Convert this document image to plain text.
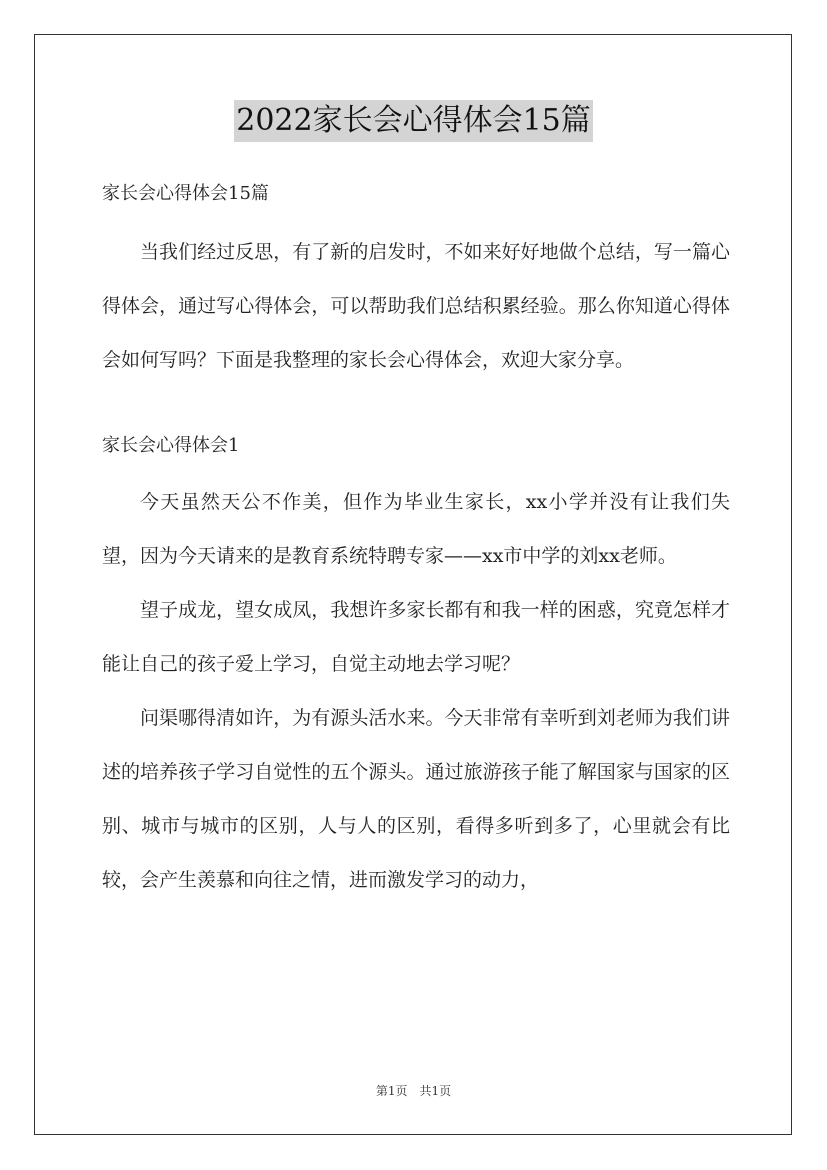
2022家长会心得体会15篇

家长会心得体会15篇

当我们经过反思，有了新的启发时，不如来好好地做个总结，写一篇心得体会，通过写心得体会，可以帮助我们总结积累经验。那么你知道心得体会如何写吗？下面是我整理的家长会心得体会，欢迎大家分享。

家长会心得体会1

今天虽然天公不作美，但作为毕业生家长，xx小学并没有让我们失望，因为今天请来的是教育系统特聘专家——xx市中学的刘xx老师。

望子成龙，望女成凤，我想许多家长都有和我一样的困惑，究竟怎样才能让自己的孩子爱上学习，自觉主动地去学习呢？

问渠哪得清如许，为有源头活水来。今天非常有幸听到刘老师为我们讲述的培养孩子学习自觉性的五个源头。通过旅游孩子能了解国家与国家的区别、城市与城市的区别，人与人的区别，看得多听到多了，心里就会有比较，会产生羡慕和向往之情，进而激发学习的动力，

第1页　共1页
